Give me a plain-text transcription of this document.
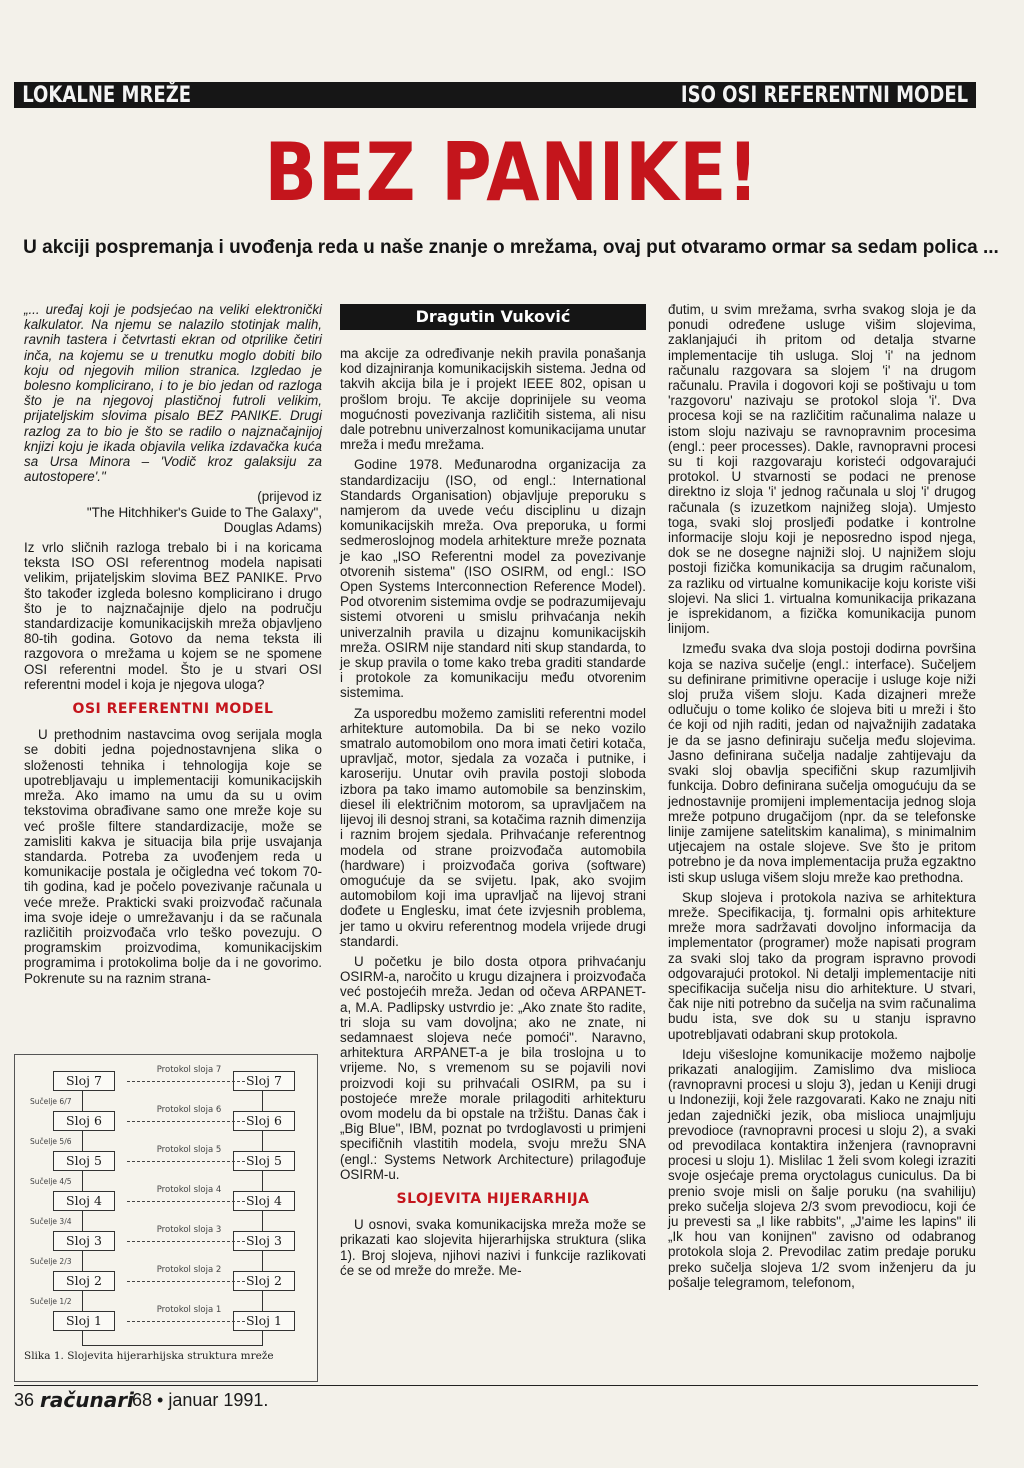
LOKALNE MREŽE	ISO OSI REFERENTNI MODEL
BEZ PANIKE!
U akciji pospremanja i uvođenja reda u naše znanje o mrežama, ovaj put otvaramo ormar sa sedam polica ...
Dragutin Vuković

„... uređaj koji je podsjećao na veliki elektronički kalkulator. Na njemu se nalazilo stotinjak malih, ravnih tastera i četvrtasti ekran od otprilike četiri inča, na kojemu se u trenutku moglo dobiti bilo koju od njegovih milion stranica. Izgledao je bolesno komplicirano, i to je bio jedan od razloga što je na njegovoj plastičnoj futroli velikim, prijateljskim slovima pisalo BEZ PANIKE. Drugi razlog za to bio je što se radilo o najznačajnijoj knjizi koju je ikada objavila velika izdavačka kuća sa Ursa Minora – 'Vodič kroz galaksiju za autostopere'."

(prijevod iz
"The Hitchhiker's Guide to The Galaxy",
Douglas Adams)

Iz vrlo sličnih razloga trebalo bi i na koricama teksta ISO OSI referentnog modela napisati velikim, prijateljskim slovima BEZ PANIKE. Prvo što također izgleda bolesno komplicirano i drugo što je to najznačajnije djelo na području standardizacije komunikacijskih mreža objavljeno 80-tih godina. Gotovo da nema teksta ili razgovora o mrežama u kojem se ne spomene OSI referentni model. Što je u stvari OSI referentni model i koja je njegova uloga?

OSI REFERENTNI MODEL

U prethodnim nastavcima ovog serijala mogla se dobiti jedna pojednostavnjena slika o složenosti tehnika i tehnologija koje se upotrebljavaju u implementaciji komunikacijskih mreža. Ako imamo na umu da su u ovim tekstovima obrađivane samo one mreže koje su već prošle filtere standardizacije, može se zamisliti kakva je situacija bila prije usvajanja standarda. Potreba za uvođenjem reda u komunikacije postala je očigledna već tokom 70-tih godina, kad je počelo povezivanje računala u veće mreže. Prakticki svaki proizvođač računala ima svoje ideje o umrežavanju i da se računala različitih proizvođača vrlo teško povezuju. O programskim proizvodima, komunikacijskim programima i protokolima bolje da i ne govorimo. Pokrenute su na raznim strana-

ma akcije za određivanje nekih pravila ponašanja kod dizajniranja komunikacijskih sistema. Jedna od takvih akcija bila je i projekt IEEE 802, opisan u prošlom broju. Te akcije doprinijele su veoma mogućnosti povezivanja različitih sistema, ali nisu dale potrebnu univerzalnost komunikacijama unutar mreža i među mrežama.

Godine 1978. Međunarodna organizacija za standardizaciju (ISO, od engl.: International Standards Organisation) objavljuje preporuku s namjerom da uvede veću disciplinu u dizajn komunikacijskih mreža. Ova preporuka, u formi sedmeroslojnog modela arhitekture mreže poznata je kao „ISO Referentni model za povezivanje otvorenih sistema" (ISO OSIRM, od engl.: ISO Open Systems Interconnection Reference Model). Pod otvorenim sistemima ovdje se podrazumijevaju sistemi otvoreni u smislu prihvaćanja nekih univerzalnih pravila u dizajnu komunikacijskih mreža. OSIRM nije standard niti skup standarda, to je skup pravila o tome kako treba graditi standarde i protokole za komunikaciju među otvorenim sistemima.

Za usporedbu možemo zamisliti referentni model arhitekture automobila. Da bi se neko vozilo smatralo automobilom ono mora imati četiri kotača, upravljač, motor, sjedala za vozača i putnike, i karoseriju. Unutar ovih pravila postoji sloboda izbora pa tako imamo automobile sa benzinskim, diesel ili električnim motorom, sa upravljačem na lijevoj ili desnoj strani, sa kotačima raznih dimenzija i raznim brojem sjedala. Prihvaćanje referentnog modela od strane proizvođača automobila (hardware) i proizvođača goriva (software) omogućuje da se svijetu. Ipak, ako svojim automobilom koji ima upravljač na lijevoj strani dođete u Englesku, imat ćete izvjesnih problema, jer tamo u okviru referentnog modela vrijede drugi standardi.

U početku je bilo dosta otpora prihvaćanju OSIRM-a, naročito u krugu dizajnera i proizvođača već postojećih mreža. Jedan od očeva ARPANET-a, M.A. Padlipsky ustvrdio je: „Ako znate što radite, tri sloja su vam dovoljna; ako ne znate, ni sedamnaest slojeva neće pomoći". Naravno, arhitektura ARPANET-a je bila troslojna u to vrijeme. No, s vremenom su se pojavili novi proizvodi koji su prihvaćali OSIRM, pa su i postojeće mreže morale prilagoditi arhitekturu ovom modelu da bi opstale na tržištu. Danas čak i „Big Blue", IBM, poznat po tvrdoglavosti u primjeni specifičnih vlastitih modela, svoju mrežu SNA (engl.: Systems Network Architecture) prilagođuje OSIRM-u.

SLOJEVITA HIJERARHIJA

U osnovi, svaka komunikacijska mreža može se prikazati kao slojevita hijerarhijska struktura (slika 1). Broj slojeva, njihovi nazivi i funkcije razlikovati će se od mreže do mreže. Me-

đutim, u svim mrežama, svrha svakog sloja je da ponudi određene usluge višim slojevima, zaklanjajući ih pritom od detalja stvarne implementacije tih usluga. Sloj 'i' na jednom računalu razgovara sa slojem 'i' na drugom računalu. Pravila i dogovori koji se poštivaju u tom 'razgovoru' nazivaju se protokol sloja 'i'. Dva procesa koji se na različitim računalima nalaze u istom sloju nazivaju se ravnopravnim procesima (engl.: peer processes). Dakle, ravnopravni procesi su ti koji razgovaraju koristeći odgovarajući protokol. U stvarnosti se podaci ne prenose direktno iz sloja 'i' jednog računala u sloj 'i' drugog računala (s izuzetkom najnižeg sloja). Umjesto toga, svaki sloj prosljeđi podatke i kontrolne informacije sloju koji je neposredno ispod njega, dok se ne dosegne najniži sloj. U najnižem sloju postoji fizička komunikacija sa drugim računalom, za razliku od virtualne komunikacije koju koriste viši slojevi. Na slici 1. virtualna komunikacija prikazana je isprekidanom, a fizička komunikacija punom linijom.

Između svaka dva sloja postoji dodirna površina koja se naziva sučelje (engl.: interface). Sučeljem su definirane primitivne operacije i usluge koje niži sloj pruža višem sloju. Kada dizajneri mreže odlučuju o tome koliko će sloјeva biti u mreži i što će koji od njih raditi, jedan od najvažnijih zadataka je da se jasno definiraju sučelja među slojevima. Jasno definirana sučelja nadalje zahtijevaju da svaki sloj obavlja specifični skup razumljivih funkcija. Dobro definirana sučelja omogućuju da se jednostavnije promijeni implementacija jednog sloja mreže potpuno drugačijom (npr. da se telefonske linije zamijene satelitskim kanalima), s minimalnim utjecajem na ostale slojeve. Sve što je pritom potrebno je da nova implementacija pruža egzaktno isti skup usluga višem sloju mreže kao prethodna.

Skup slojeva i protokola naziva se arhitektura mreže. Specifikacija, tj. formalni opis arhitekture mreže mora sadržavati dovoljno informacija da implementator (programer) može napisati program za svaki sloj tako da program ispravno provodi odgovarajući protokol. Ni detalji implementacije niti specifikacija sučelja nisu dio arhitekture. U stvari, čak nije niti potrebno da sučelja na svim računalima budu ista, sve dok su u stanju ispravno upotrebljavati odabrani skup protokola.

Ideju višeslojne komunikacije možemo najbolje prikazati analogijim. Zamislimo dva mislioca (ravnopravni procesi u sloju 3), jedan u Keniji drugi u Indoneziji, koji žele razgovarati. Kako ne znaju niti jedan zajednički jezik, oba mislioca unajmljuju prevodioce (ravnopravni procesi u sloju 2), a svaki od prevodilaca kontaktira inženjera (ravnopravni procesi u sloju 1). Mislilac 1 želi svom kolegi izraziti svoje osjećaje prema oryctolagus cuniculus. Da bi prenio svoje misli on šalje poruku (na svahiliju) preko sučelja slojeva 2/3 svom prevodiocu, koji će ju prevesti sa „I like rabbits", „J'aime les lapins" ili „Ik hou van konijnen" zavisno od odabranog protokola sloja 2. Prevodilac zatim predaje poruku preko sučelja slojeva 1/2 svom inženjeru da ju pošalje telegramom, telefonom,

Sloj 7	Sloj 7
Protokol sloja 7
Sučelje 6/7
Sloj 6	Sloj 6
Protokol sloja 6
Sučelje 5/6
Sloj 5	Sloj 5
Protokol sloja 5
Sučelje 4/5
Sloj 4	Sloj 4
Protokol sloja 4
Sučelje 3/4
Sloj 3	Sloj 3
Protokol sloja 3
Sučelje 2/3
Sloj 2	Sloj 2
Protokol sloja 2
Sučelje 1/2
Sloj 1	Sloj 1
Protokol sloja 1
Slika 1. Slojevita hijerarhijska struktura mreže
36 računari
68 • januar 1991.
